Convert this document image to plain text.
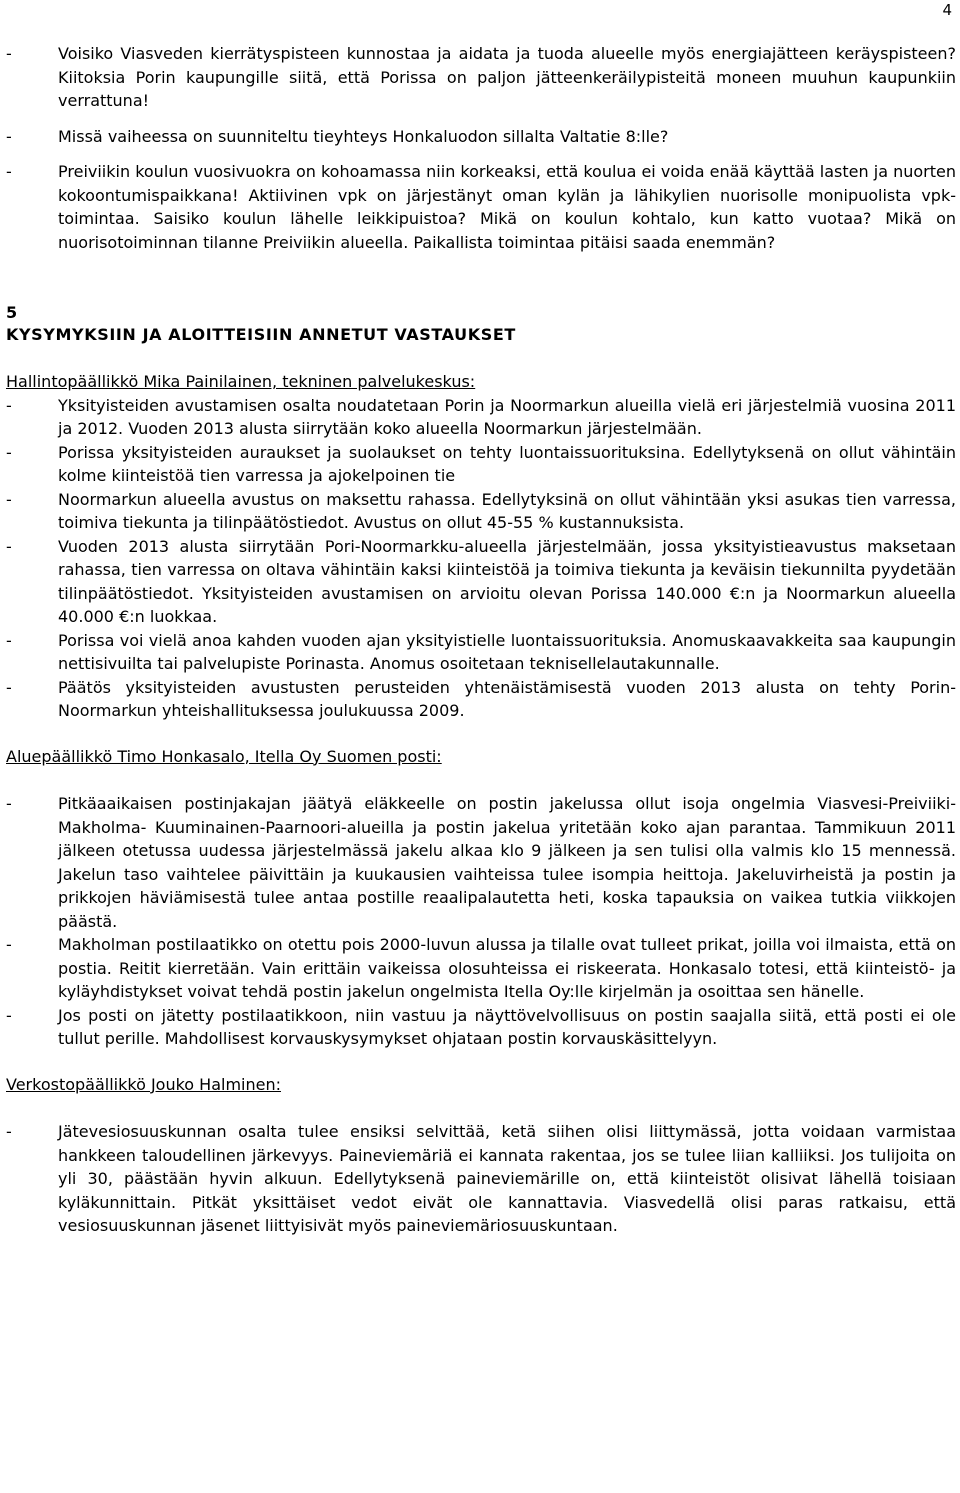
4
-	Voisiko Viasveden kierrätyspisteen kunnostaa ja aidata ja tuoda alueelle myös energiajätteen keräyspisteen? Kiitoksia Porin kaupungille siitä, että Porissa on paljon jätteenkeräilypisteitä moneen muuhun kaupunkiin verrattuna!
-	Missä vaiheessa on suunniteltu tieyhteys Honkaluodon sillalta Valtatie 8:lle?
-	Preiviikin koulun vuosivuokra on kohoamassa niin korkeaksi, että koulua ei voida enää käyttää lasten ja nuorten kokoontumispaikkana! Aktiivinen vpk on järjestänyt oman kylän ja lähikylien nuorisolle monipuolista vpk-toimintaa. Saisiko koulun lähelle leikkipuistoa? Mikä on koulun kohtalo, kun katto vuotaa? Mikä on nuorisotoiminnan tilanne Preiviikin alueella. Paikallista toimintaa pitäisi saada enemmän?
5
KYSYMYKSIIN JA ALOITTEISIIN ANNETUT VASTAUKSET
Hallintopäällikkö Mika Painilainen, tekninen palvelukeskus:
-	Yksityisteiden avustamisen osalta noudatetaan Porin ja Noormarkun alueilla vielä eri järjestelmiä vuosina 2011 ja 2012. Vuoden 2013 alusta siirrytään koko alueella Noormarkun järjestelmään.
-	Porissa yksityisteiden auraukset ja suolaukset on tehty luontaissuorituksina. Edellytyksenä on ollut vähintäin kolme kiinteistöä tien varressa ja ajokelpoinen tie
-	Noormarkun alueella avustus on maksettu rahassa. Edellytyksinä on ollut vähintään yksi asukas tien varressa, toimiva tiekunta ja tilinpäätöstiedot. Avustus on ollut 45-55 % kustannuksista.
-	Vuoden 2013 alusta siirrytään Pori-Noormarkku-alueella järjestelmään, jossa yksityistieavustus maksetaan rahassa, tien varressa on oltava vähintäin kaksi kiinteistöä ja toimiva tiekunta ja keväisin tiekunnilta pyydetään tilinpäätöstiedot. Yksityisteiden avustamisen on arvioitu olevan Porissa 140.000 €:n ja Noormarkun alueella 40.000 €:n luokkaa.
-	Porissa voi vielä anoa kahden vuoden ajan yksityistielle luontaissuorituksia. Anomuskaavakkeita saa kaupungin nettisivuilta tai palvelupiste Porinasta. Anomus osoitetaan teknisellelautakunnalle.
-	Päätös yksityisteiden avustusten perusteiden yhtenäistämisestä vuoden 2013 alusta on tehty Porin- Noormarkun yhteishallituksessa joulukuussa 2009.
Aluepäällikkö Timo Honkasalo, Itella Oy Suomen posti:
-	Pitkäaaikaisen postinjakajan jäätyä eläkkeelle on postin jakelussa ollut isoja ongelmia Viasvesi-Preiviiki-Makholma- Kuuminainen-Paarnoori-alueilla ja postin jakelua yritetään koko ajan parantaa. Tammikuun 2011 jälkeen otetussa uudessa järjestelmässä jakelu alkaa klo 9 jälkeen ja sen tulisi olla valmis klo 15 mennessä. Jakelun taso vaihtelee päivittäin ja kuukausien vaihteissa tulee isompia heittoja. Jakeluvirheistä ja postin ja prikkojen häviämisestä tulee antaa postille reaalipalautetta heti, koska tapauksia on vaikea tutkia viikkojen päästä.
-	Makholman postilaatikko on otettu pois 2000-luvun alussa ja tilalle ovat tulleet prikat, joilla voi ilmaista, että on postia. Reitit kierretään. Vain erittäin vaikeissa olosuhteissa ei riskeerata. Honkasalo totesi, että kiinteistö- ja kyläyhdistykset voivat tehdä postin jakelun ongelmista Itella Oy:lle kirjelmän ja osoittaa sen hänelle.
-	Jos posti on jätetty postilaatikkoon, niin vastuu ja näyttövelvollisuus on postin saajalla siitä, että posti ei ole tullut perille. Mahdollisest korvauskysymykset ohjataan postin korvauskäsittelyyn.
Verkostopäällikkö Jouko Halminen:
-	Jätevesiosuuskunnan osalta tulee ensiksi selvittää, ketä siihen olisi liittymässä, jotta voidaan varmistaa hankkeen taloudellinen järkevyys. Paineviemäriä ei kannata rakentaa, jos se tulee liian kalliiksi. Jos tulijoita on yli 30, päästään hyvin alkuun. Edellytyksenä paineviemärille on, että kiinteistöt olisivat lähellä toisiaan kyläkunnittain. Pitkät yksittäiset vedot eivät ole kannattavia. Viasvedellä olisi paras ratkaisu, että vesiosuuskunnan jäsenet liittyisivät myös paineviemäriosuuskuntaan.
